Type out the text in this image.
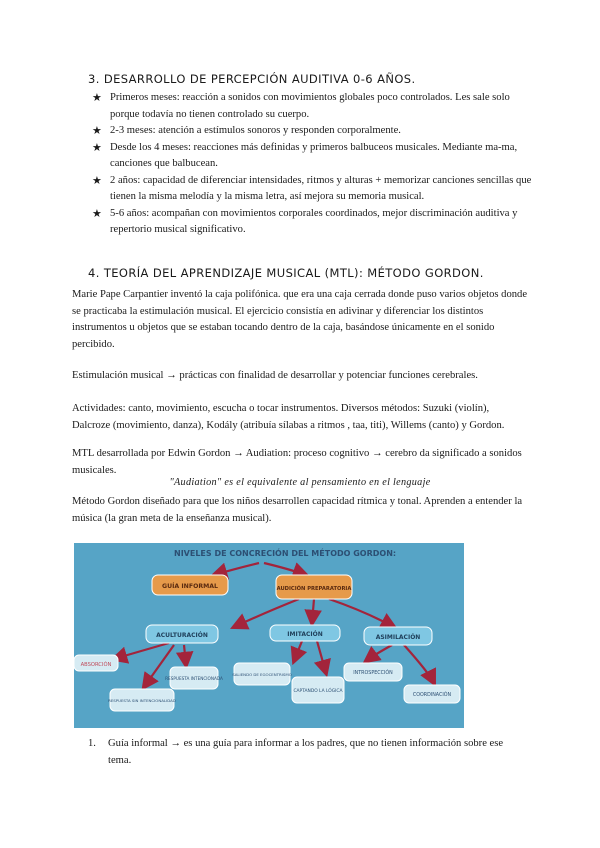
3. DESARROLLO DE PERCEPCIÓN AUDITIVA 0-6 AÑOS.
★ Primeros meses: reacción a sonidos con movimientos globales poco controlados. Les sale solo porque todavía no tienen controlado su cuerpo.
★ 2-3 meses: atención a estímulos sonoros y responden corporalmente.
★ Desde los 4 meses: reacciones más definidas y primeros balbuceos musicales. Mediante ma-ma, canciones que balbucean.
★ 2 años: capacidad de diferenciar intensidades, ritmos y alturas + memorizar canciones sencillas que tienen la misma melodía y la misma letra, así mejora su memoria musical.
★ 5-6 años: acompañan con movimientos corporales coordinados, mejor discriminación auditiva y repertorio musical significativo.
4. TEORÍA DEL APRENDIZAJE MUSICAL (MTL): MÉTODO GORDON.

Marie Pape Carpantier inventó la caja polifónica. que era una caja cerrada donde puso varios objetos donde se practicaba la estimulación musical. El ejercicio consistía en adivinar y diferenciar los distintos instrumentos u objetos que se estaban tocando dentro de la caja, basándose únicamente en el sonido percibido.

Estimulación musical → prácticas con finalidad de desarrollar y potenciar funciones cerebrales.

Actividades: canto, movimiento, escucha o tocar instrumentos. Diversos métodos: Suzuki (violín), Dalcroze (movimiento, danza), Kodály (atribuía sílabas a ritmos , taa, titi), Willems (canto) y Gordon.

MTL desarrollada por Edwin Gordon → Audiation: proceso cognitivo → cerebro da significado a sonidos musicales.

"Audiation" es el equivalente al pensamiento en el lenguaje

Método Gordon diseñado para que los niños desarrollen capacidad rítmica y tonal. Aprenden a entender la música (la gran meta de la enseñanza musical).

NIVELES DE CONCRECIÓN DEL MÉTODO GORDON:
GUÍA INFORMAL	AUDICIÓN PREPARATORIA
ACULTURACIÓN	IMITACIÓN	ASIMILACIÓN
ABSORCIÓN
RESPUESTA INTENCIONADA
RESPUESTA SIN INTENCIONALIDAD
SALIENDO DE EGOCENTRISMO
CAPTANDO LA LÓGICA
INTROSPECCIÓN
COORDINACIÓN
1. Guía informal → es una guía para informar a los padres, que no tienen información sobre ese tema.
